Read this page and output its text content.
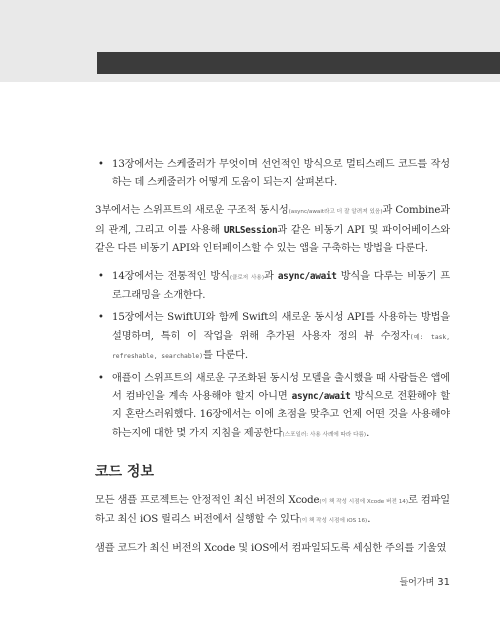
• 13장에서는 스케줄러가 무엇이며 선언적인 방식으로 멀티스레드 코드를 작성하는 데 스케줄러가 어떻게 도움이 되는지 살펴본다.

3부에서는 스위프트의 새로운 구조적 동시성(async/await라고 더 잘 알려져 있음)과 Combine과의 관계, 그리고 이를 사용해 URLSession과 같은 비동기 API 및 파이어베이스와 같은 다른 비동기 API와 인터페이스할 수 있는 앱을 구축하는 방법을 다룬다.

• 14장에서는 전통적인 방식(클로저 사용)과 async/await 방식을 다루는 비동기 프로그래밍을 소개한다.
• 15장에서는 SwiftUI와 함께 Swift의 새로운 동시성 API를 사용하는 방법을 설명하며, 특히 이 작업을 위해 추가된 사용자 정의 뷰 수정자(예: task, refreshable, searchable)를 다룬다.
• 애플이 스위프트의 새로운 구조화된 동시성 모델을 출시했을 때 사람들은 앱에서 컴바인을 계속 사용해야 할지 아니면 async/await 방식으로 전환해야 할지 혼란스러워했다. 16장에서는 이에 초점을 맞추고 언제 어떤 것을 사용해야 하는지에 대한 몇 가지 지침을 제공한다(스포일러: 사용 사례에 따라 다름).
코드 정보

모든 샘플 프로젝트는 안정적인 최신 버전의 Xcode(이 책 작성 시점에 Xcode 버전 14)로 컴파일하고 최신 iOS 릴리스 버전에서 실행할 수 있다(이 책 작성 시점에 iOS 16).

샘플 코드가 최신 버전의 Xcode 및 iOS에서 컴파일되도록 세심한 주의를 기울였

들어가며 31
